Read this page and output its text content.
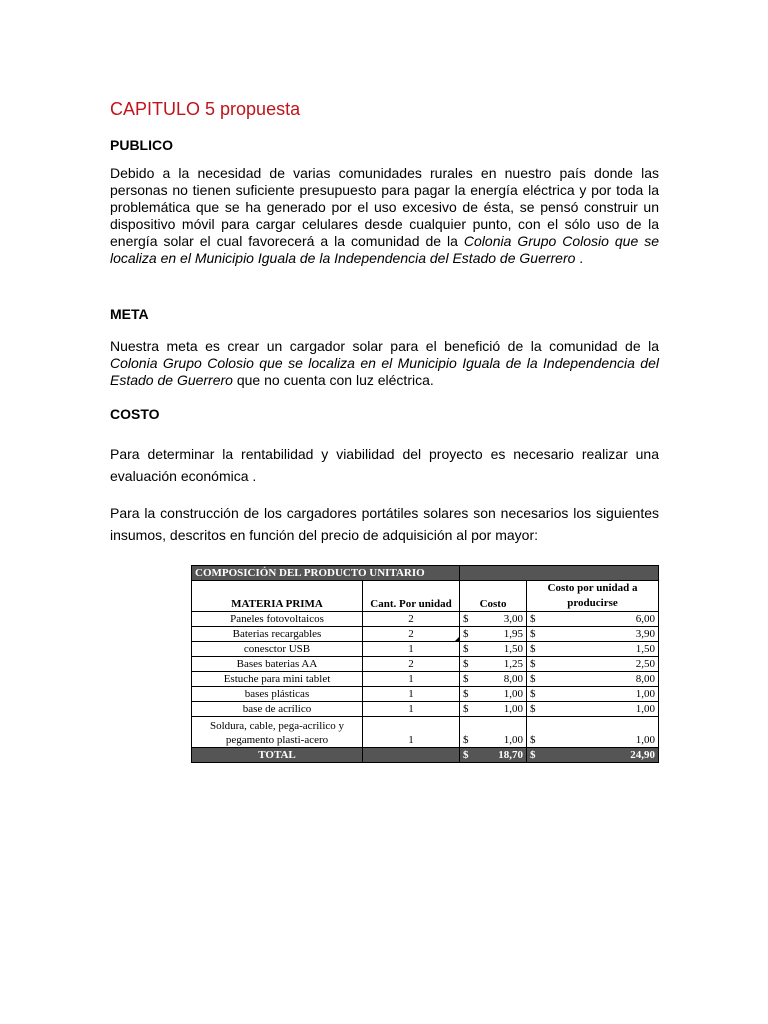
CAPITULO 5 propuesta
PUBLICO

Debido a la necesidad de varias comunidades rurales en nuestro país donde las personas no tienen suficiente presupuesto para pagar la energía eléctrica y por toda la problemática que se ha generado por el uso excesivo de ésta, se pensó construir un dispositivo móvil para cargar celulares desde cualquier punto, con el sólo uso de la energía solar el cual favorecerá a la comunidad de la Colonia Grupo Colosio que se localiza en el Municipio Iguala de la Independencia del Estado de Guerrero .

META

Nuestra meta es crear un cargador solar para el benefició de la comunidad de la Colonia Grupo Colosio que se localiza en el Municipio Iguala de la Independencia del Estado de Guerrero que no cuenta con luz eléctrica.

COSTO

Para determinar la rentabilidad y viabilidad del proyecto es necesario realizar una evaluación económica .

Para la construcción de los cargadores portátiles solares son necesarios los siguientes insumos, descritos en función del precio de adquisición al por mayor:

COMPOSICIÓN DEL PRODUCTO UNITARIO					
MATERIA PRIMA	Cant. Por unidad	Costo		Costo por unidad a producirse	
Paneles fotovoltaicos	2	$	3,00	$	6,00
Baterias recargables	2	$	1,95	$	3,90
conesctor USB	1	$	1,50	$	1,50
Bases baterias AA	2	$	1,25	$	2,50
Estuche para mini tablet	1	$	8,00	$	8,00
bases plásticas	1	$	1,00	$	1,00
base de acrílico	1	$	1,00	$	1,00
Soldura, cable, pega-acrilico y pegamento plasti-acero	1	$	1,00	$	1,00
TOTAL		$	18,70	$	24,90
